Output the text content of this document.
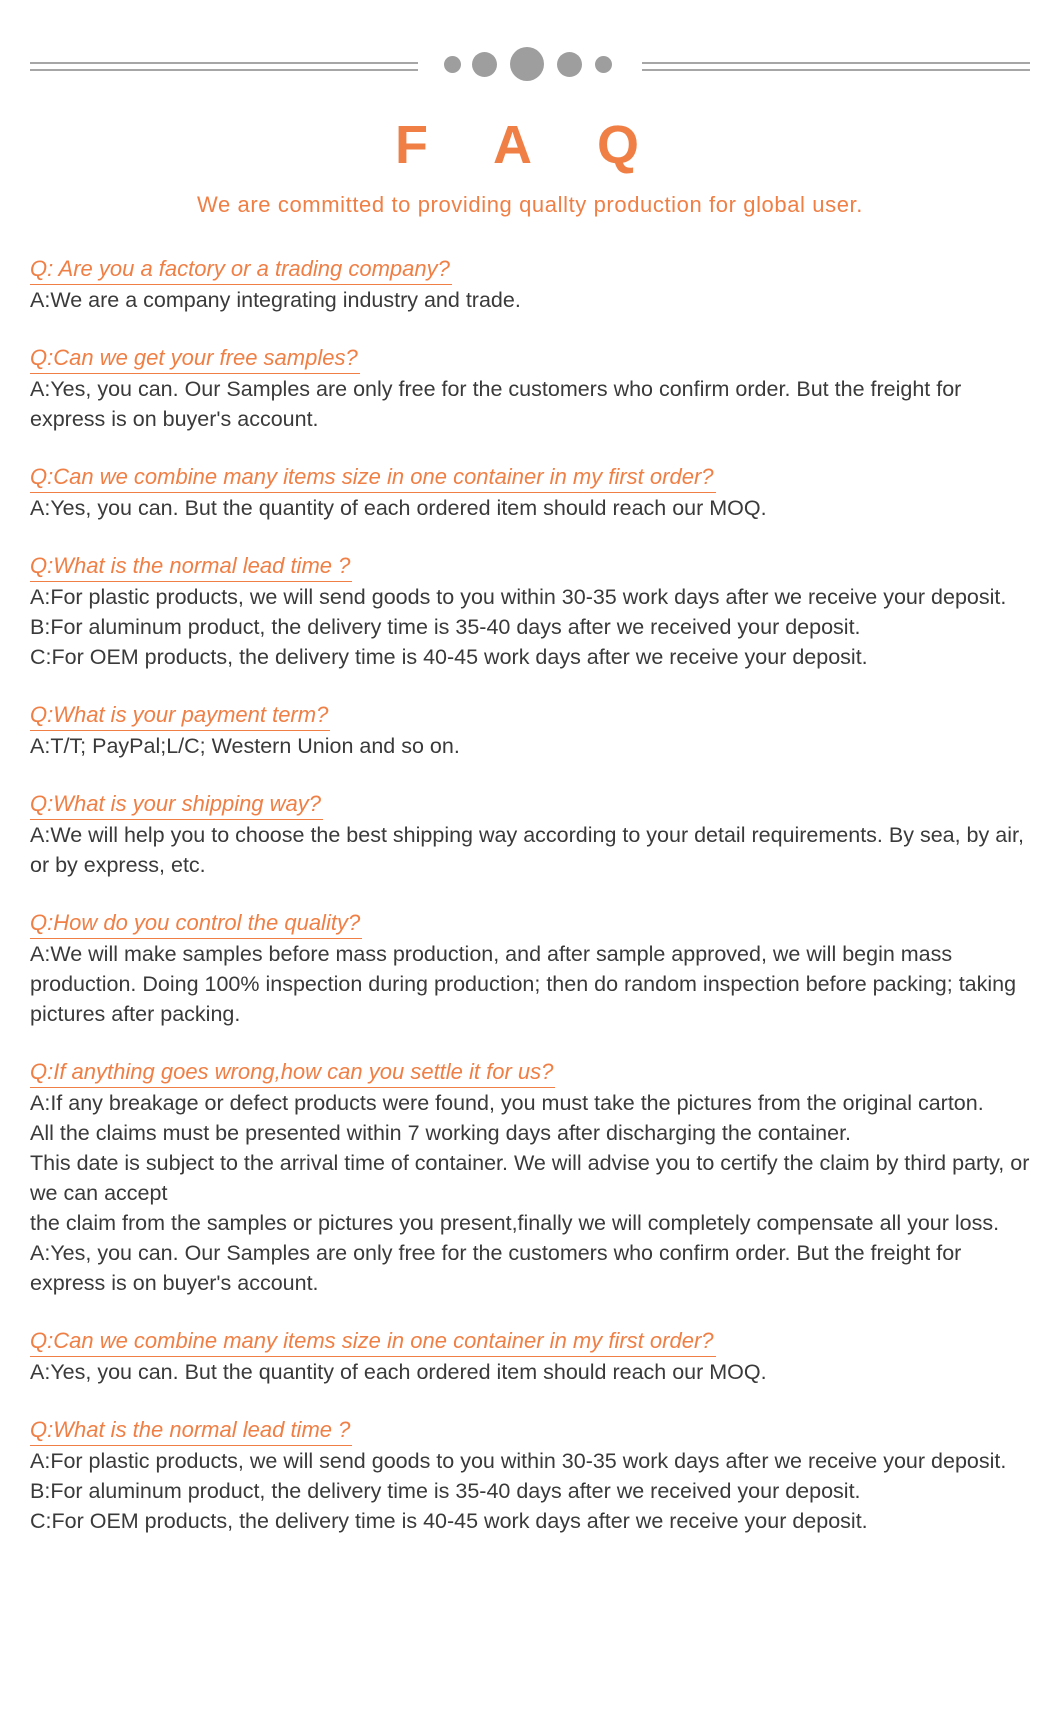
F A Q
We are committed to providing quallty production for global user.
Q: Are you a factory or a trading company?

A:We are a company integrating industry and trade.

Q:Can we get your free samples?

A:Yes, you can. Our Samples are only free for the customers who confirm order. But the freight for express is on buyer's account.

Q:Can we combine many items size in one container in my first order?

A:Yes, you can. But the quantity of each ordered item should reach our MOQ.

Q:What is the normal lead time ?

A:For plastic products, we will send goods to you within 30-35 work days after we receive your deposit.

B:For aluminum product, the delivery time is 35-40 days after we received your deposit.

C:For OEM products, the delivery time is 40-45 work days after we receive your deposit.

Q:What is your payment term?

A:T/T; PayPal;L/C; Western Union and so on.

Q:What is your shipping way?

A:We will help you to choose the best shipping way according to your detail requirements. By sea, by air, or by express, etc.

Q:How do you control the quality?

A:We will make samples before mass production, and after sample approved, we will begin mass production. Doing 100% inspection during production; then do random inspection before packing; taking pictures after packing.

Q:If anything goes wrong,how can you settle it for us?

A:If any breakage or defect products were found, you must take the pictures from the original carton.

All the claims must be presented within 7 working days after discharging the container.

This date is subject to the arrival time of container. We will advise you to certify the claim by third party, or we can accept

the claim from the samples or pictures you present,finally we will completely compensate all your loss.

A:Yes, you can. Our Samples are only free for the customers who confirm order. But the freight for express is on buyer's account.

Q:Can we combine many items size in one container in my first order?

A:Yes, you can. But the quantity of each ordered item should reach our MOQ.

Q:What is the normal lead time ?

A:For plastic products, we will send goods to you within 30-35 work days after we receive your deposit.

B:For aluminum product, the delivery time is 35-40 days after we received your deposit.

C:For OEM products, the delivery time is 40-45 work days after we receive your deposit.
